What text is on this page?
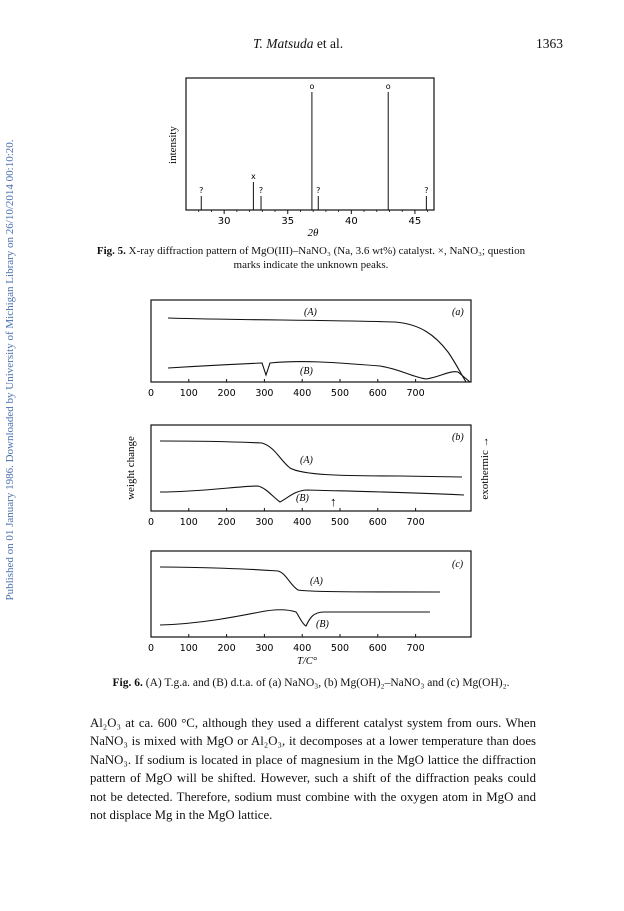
T. Matsuda et al.	1363
Published on 01 January 1986. Downloaded by University of Michigan Library on 26/10/2014 00:10:20.	?
x
?
o
?
o
?
30	35	40	45
intensity
2θ
Fig. 5. X-ray diffraction pattern of MgO(III)–NaNO₃ (Na, 3.6 wt%) catalyst. ×, NaNO₃; question marks indicate the unknown peaks.
(A)
(B)
(a)
0	100 200 300 400 500 600 700
(A)
(B) ↑
(b)
weight change	exothermic →
0	100 200 300 400 500 600 700
(A)
(B)
(c)
0	100 200 300 400 500 600 700
T/C°
Fig. 6. (A) T.g.a. and (B) d.t.a. of (a) NaNO₃, (b) Mg(OH)₂–NaNO₃ and (c) Mg(OH)₂.

Al₂O₃ at ca. 600 °C, although they used a different catalyst system from ours. When NaNO₃ is mixed with MgO or Al₂O₃, it decomposes at a lower temperature than does NaNO₃. If sodium is located in place of magnesium in the MgO lattice the diffraction pattern of MgO will be shifted. However, such a shift of the diffraction peaks could not be detected. Therefore, sodium must combine with the oxygen atom in MgO and not displace Mg in the MgO lattice.
